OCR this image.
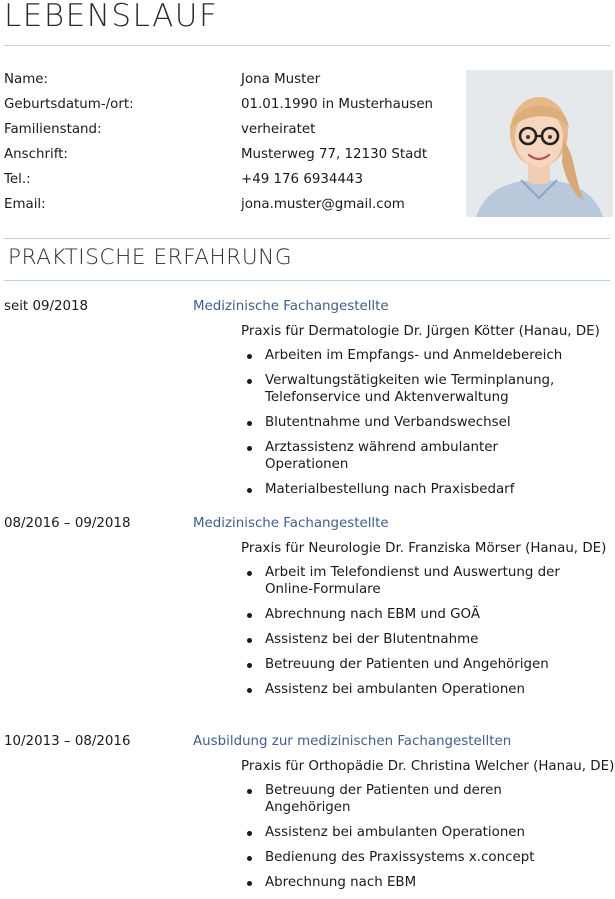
LEBENSLAUF
Name:	Jona Muster
Geburtsdatum-/ort:	01.01.1990 in Musterhausen
Familienstand:	verheiratet
Anschrift:	Musterweg 77, 12130 Stadt
Tel.:	+49 176 6934443
Email:	jona.muster@gmail.com
PRAKTISCHE ERFAHRUNG
seit 09/2018	Medizinische Fachangestellte
Praxis für Dermatologie Dr. Jürgen Kötter (Hanau, DE)
Arbeiten im Empfangs- und Anmeldebereich
Verwaltungstätigkeiten wie Terminplanung, Telefonservice und Aktenverwaltung
Blutentnahme und Verbandswechsel
Arztassistenz während ambulanter Operationen
Materialbestellung nach Praxisbedarf
08/2016 – 09/2018	Medizinische Fachangestellte
Praxis für Neurologie Dr. Franziska Mörser (Hanau, DE)
Arbeit im Telefondienst und Auswertung der Online-Formulare
Abrechnung nach EBM und GOÄ
Assistenz bei der Blutentnahme
Betreuung der Patienten und Angehörigen
Assistenz bei ambulanten Operationen
10/2013 – 08/2016	Ausbildung zur medizinischen Fachangestellten
Praxis für Orthopädie Dr. Christina Welcher (Hanau, DE)
Betreuung der Patienten und deren Angehörigen
Assistenz bei ambulanten Operationen
Bedienung des Praxissystems x.concept
Abrechnung nach EBM
